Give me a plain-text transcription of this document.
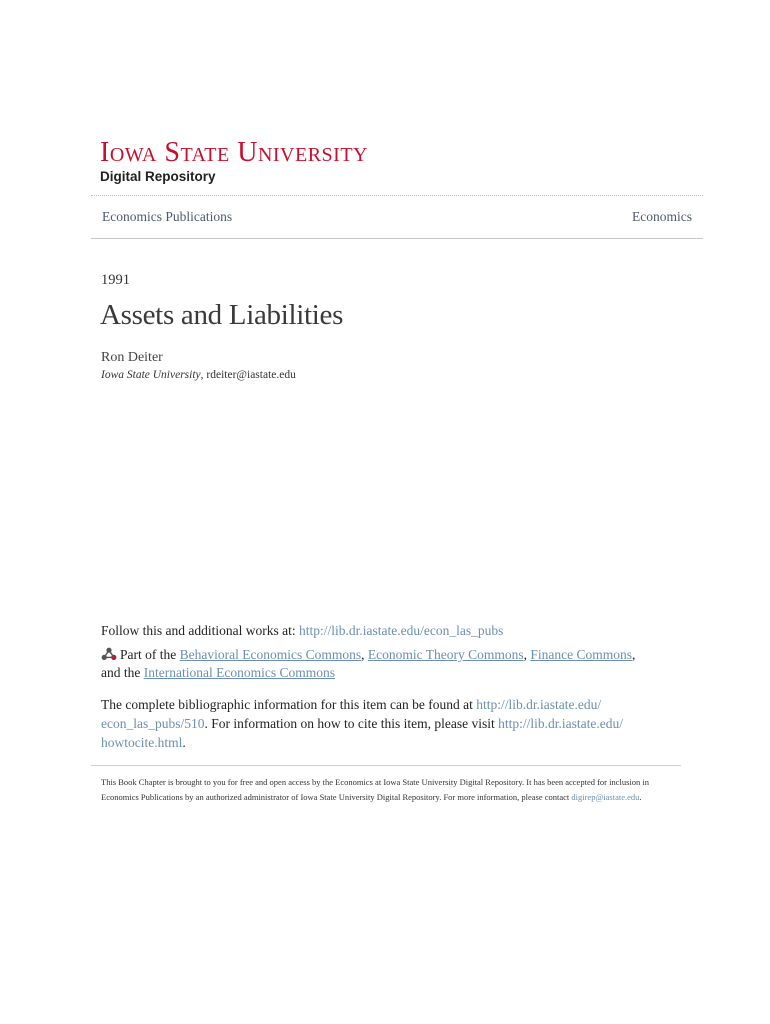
Iowa State University
Digital Repository
Economics Publications	Economics
1991
Assets and Liabilities
Ron Deiter
Iowa State University, rdeiter@iastate.edu
Follow this and additional works at: http://lib.dr.iastate.edu/econ_las_pubs
Part of the Behavioral Economics Commons, Economic Theory Commons, Finance Commons,
and the International Economics Commons
The complete bibliographic information for this item can be found at http://lib.dr.iastate.edu/
econ_las_pubs/510. For information on how to cite this item, please visit http://lib.dr.iastate.edu/
howtocite.html.
This Book Chapter is brought to you for free and open access by the Economics at Iowa State University Digital Repository. It has been accepted for inclusion in Economics Publications by an authorized administrator of Iowa State University Digital Repository. For more information, please contact digirep@iastate.edu.
